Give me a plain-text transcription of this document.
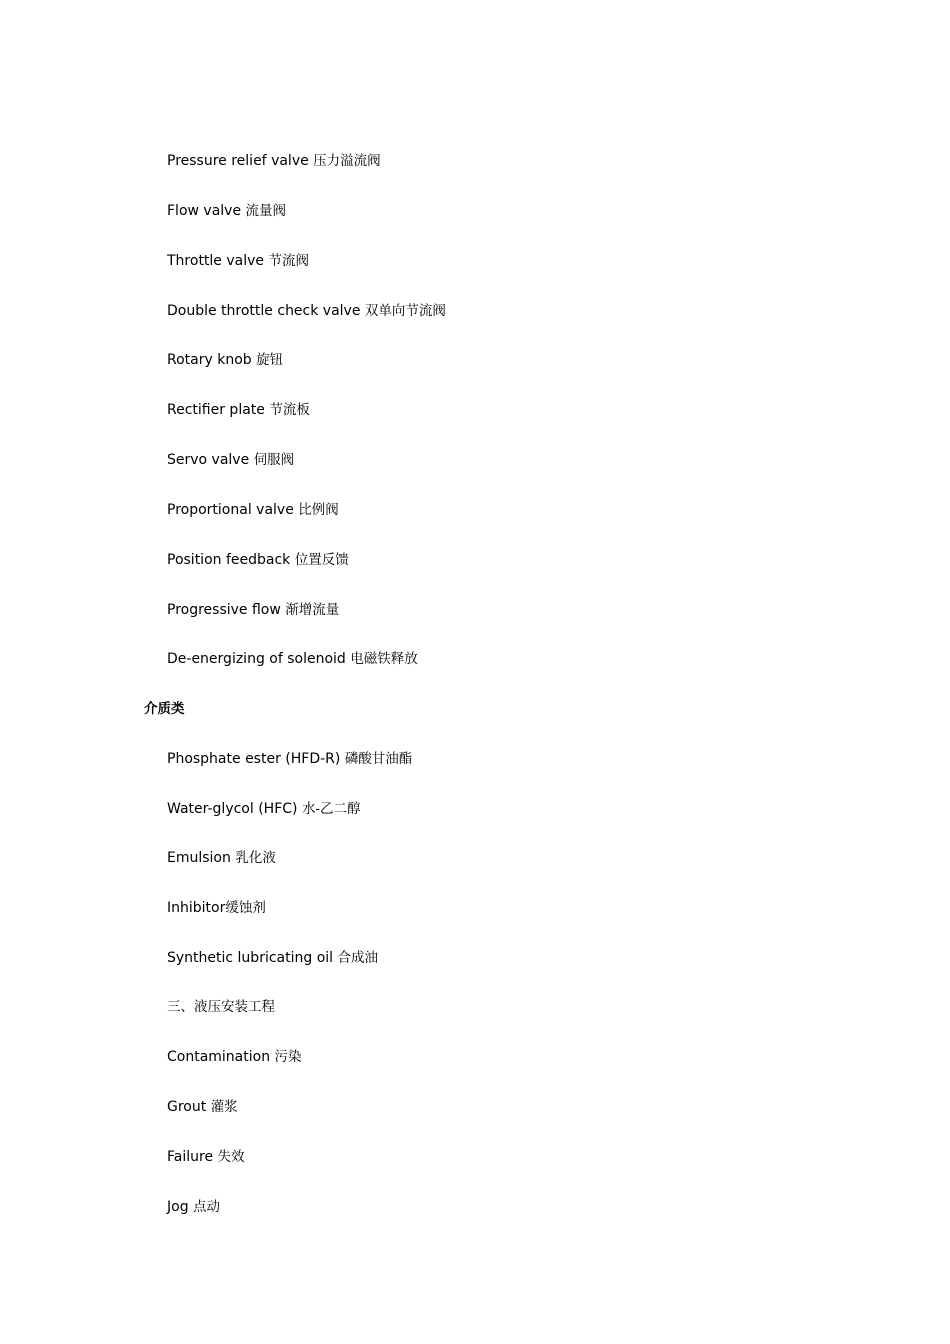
Pressure relief valve 压力溢流阀
Flow valve 流量阀
Throttle valve 节流阀
Double throttle check valve 双单向节流阀
Rotary knob 旋钮
Rectifier plate 节流板
Servo valve 伺服阀
Proportional valve 比例阀
Position feedback 位置反馈
Progressive flow 渐增流量
De-energizing of solenoid 电磁铁释放
介质类
Phosphate ester (HFD-R) 磷酸甘油酯
Water-glycol (HFC) 水-乙二醇
Emulsion 乳化液
Inhibitor缓蚀剂
Synthetic lubricating oil 合成油
三、液压安装工程
Contamination 污染
Grout 灌浆
Failure 失效
Jog 点动
